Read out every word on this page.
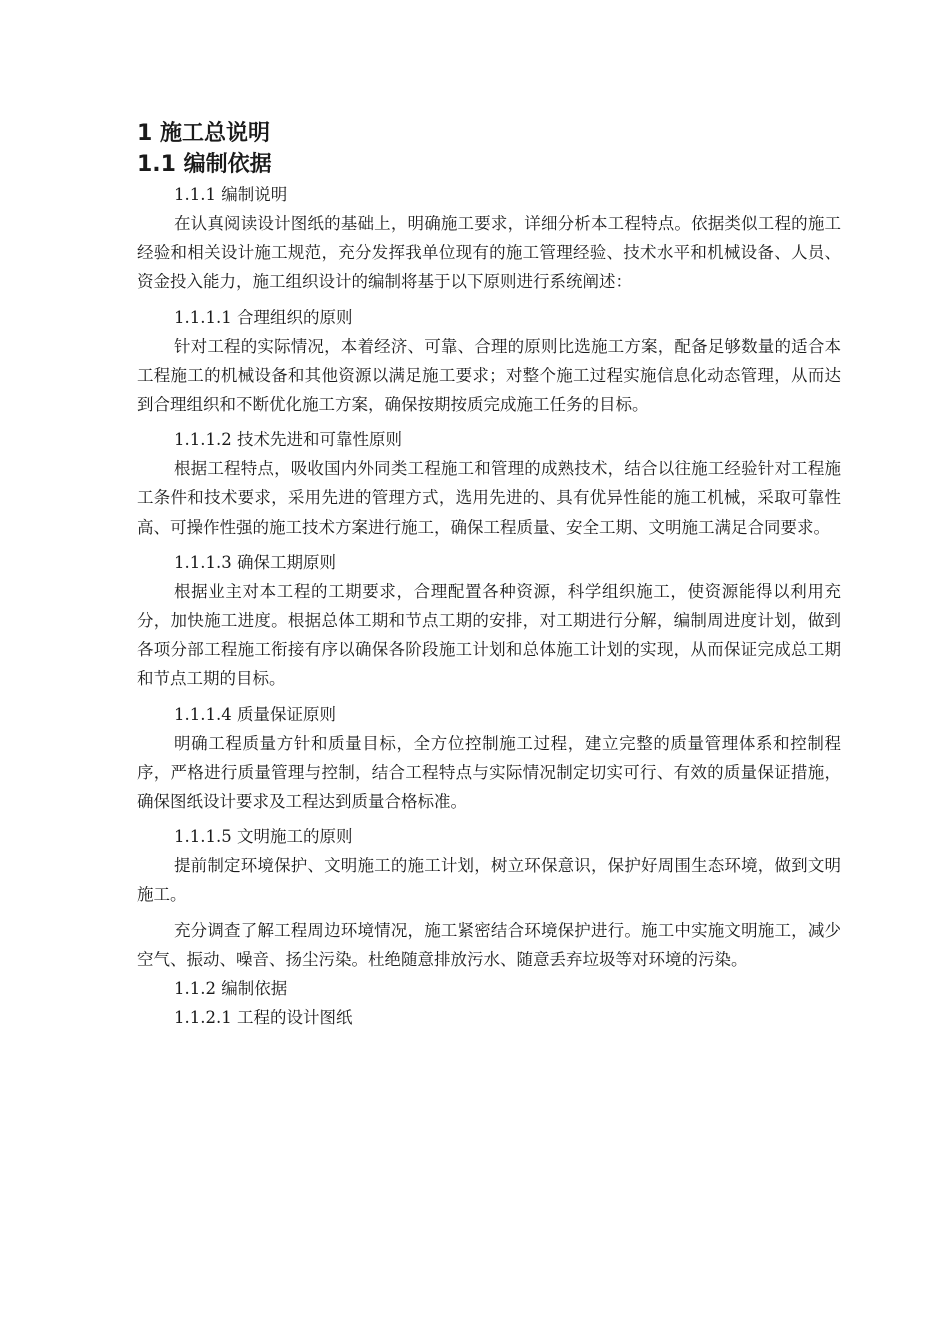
1 施工总说明
1.1 编制依据
1.1.1 编制说明

在认真阅读设计图纸的基础上，明确施工要求，详细分析本工程特点。依据类似工程的施工经验和相关设计施工规范，充分发挥我单位现有的施工管理经验、技术水平和机械设备、人员、资金投入能力，施工组织设计的编制将基于以下原则进行系统阐述：

1.1.1.1 合理组织的原则

针对工程的实际情况，本着经济、可靠、合理的原则比选施工方案，配备足够数量的适合本工程施工的机械设备和其他资源以满足施工要求；对整个施工过程实施信息化动态管理，从而达到合理组织和不断优化施工方案，确保按期按质完成施工任务的目标。

1.1.1.2 技术先进和可靠性原则

根据工程特点，吸收国内外同类工程施工和管理的成熟技术，结合以往施工经验针对工程施工条件和技术要求，采用先进的管理方式，选用先进的、具有优异性能的施工机械，采取可靠性高、可操作性强的施工技术方案进行施工，确保工程质量、安全工期、文明施工满足合同要求。

1.1.1.3 确保工期原则

根据业主对本工程的工期要求，合理配置各种资源，科学组织施工，使资源能得以利用充分，加快施工进度。根据总体工期和节点工期的安排，对工期进行分解，编制周进度计划，做到各项分部工程施工衔接有序以确保各阶段施工计划和总体施工计划的实现，从而保证完成总工期和节点工期的目标。

1.1.1.4 质量保证原则

明确工程质量方针和质量目标，全方位控制施工过程，建立完整的质量管理体系和控制程序，严格进行质量管理与控制，结合工程特点与实际情况制定切实可行、有效的质量保证措施，确保图纸设计要求及工程达到质量合格标准。

1.1.1.5 文明施工的原则

提前制定环境保护、文明施工的施工计划，树立环保意识，保护好周围生态环境，做到文明施工。

充分调查了解工程周边环境情况，施工紧密结合环境保护进行。施工中实施文明施工，减少空气、振动、噪音、扬尘污染。杜绝随意排放污水、随意丢弃垃圾等对环境的污染。

1.1.2 编制依据
1.1.2.1 工程的设计图纸
